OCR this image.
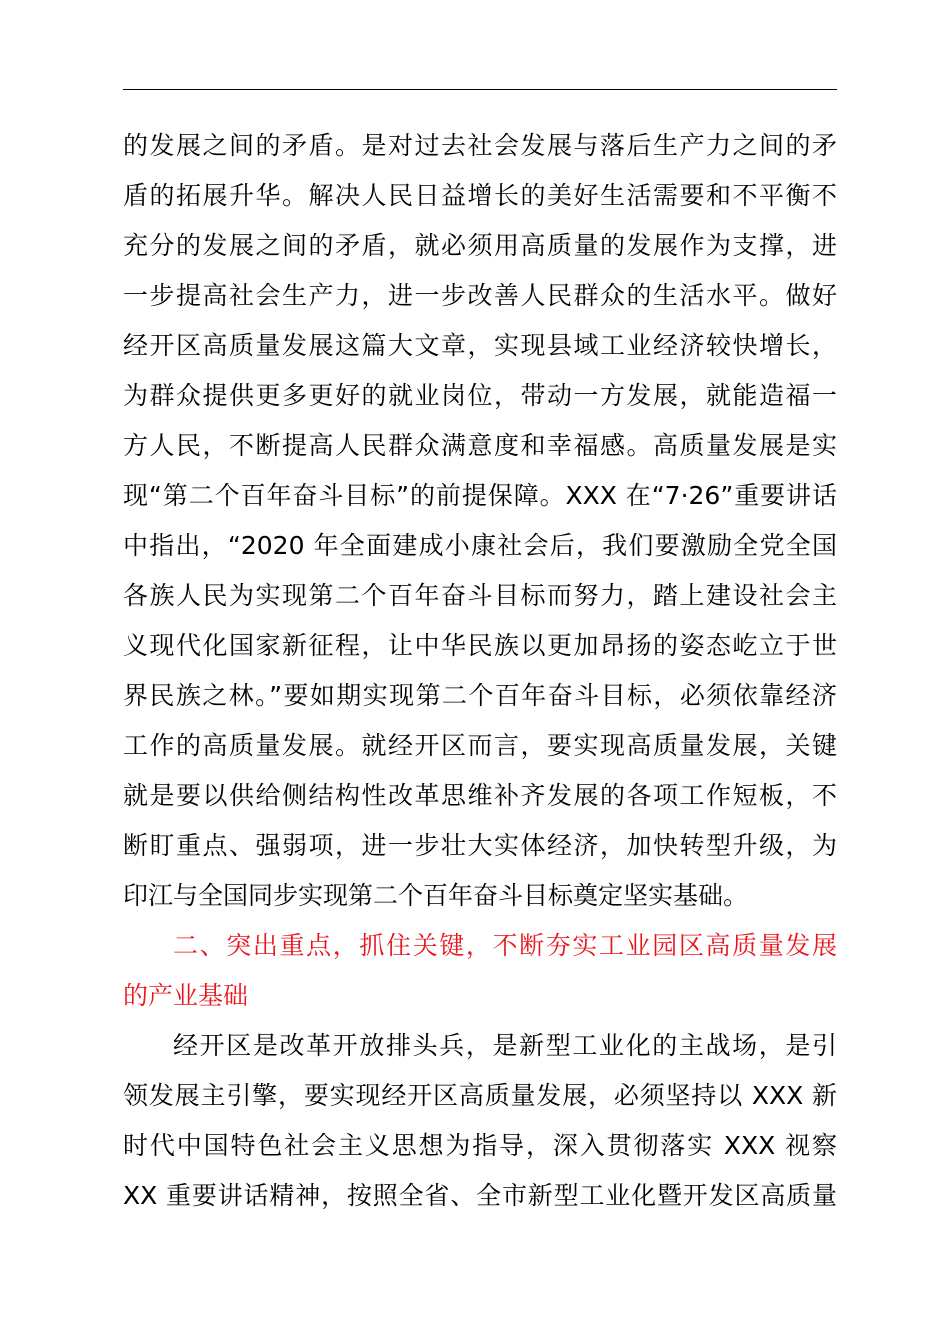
的发展之间的矛盾。是对过去社会发展与落后生产力之间的矛
盾的拓展升华。解决人民日益增长的美好生活需要和不平衡不
充分的发展之间的矛盾，就必须用高质量的发展作为支撑，进
一步提高社会生产力，进一步改善人民群众的生活水平。做好
经开区高质量发展这篇大文章，实现县域工业经济较快增长，
为群众提供更多更好的就业岗位，带动一方发展，就能造福一
方人民，不断提高人民群众满意度和幸福感。高质量发展是实
现“第二个百年奋斗目标”的前提保障。XXX 在“7·26”重要讲话
中指出，“2020 年全面建成小康社会后，我们要激励全党全国
各族人民为实现第二个百年奋斗目标而努力，踏上建设社会主
义现代化国家新征程，让中华民族以更加昂扬的姿态屹立于世
界民族之林。”要如期实现第二个百年奋斗目标，必须依靠经济
工作的高质量发展。就经开区而言，要实现高质量发展，关键
就是要以供给侧结构性改革思维补齐发展的各项工作短板，不
断盯重点、强弱项，进一步壮大实体经济，加快转型升级，为
印江与全国同步实现第二个百年奋斗目标奠定坚实基础。
二、突出重点，抓住关键，不断夯实工业园区高质量发展
的产业基础
经开区是改革开放排头兵，是新型工业化的主战场，是引
领发展主引擎，要实现经开区高质量发展，必须坚持以 XXX 新
时代中国特色社会主义思想为指导，深入贯彻落实 XXX 视察
XX 重要讲话精神，按照全省、全市新型工业化暨开发区高质量
